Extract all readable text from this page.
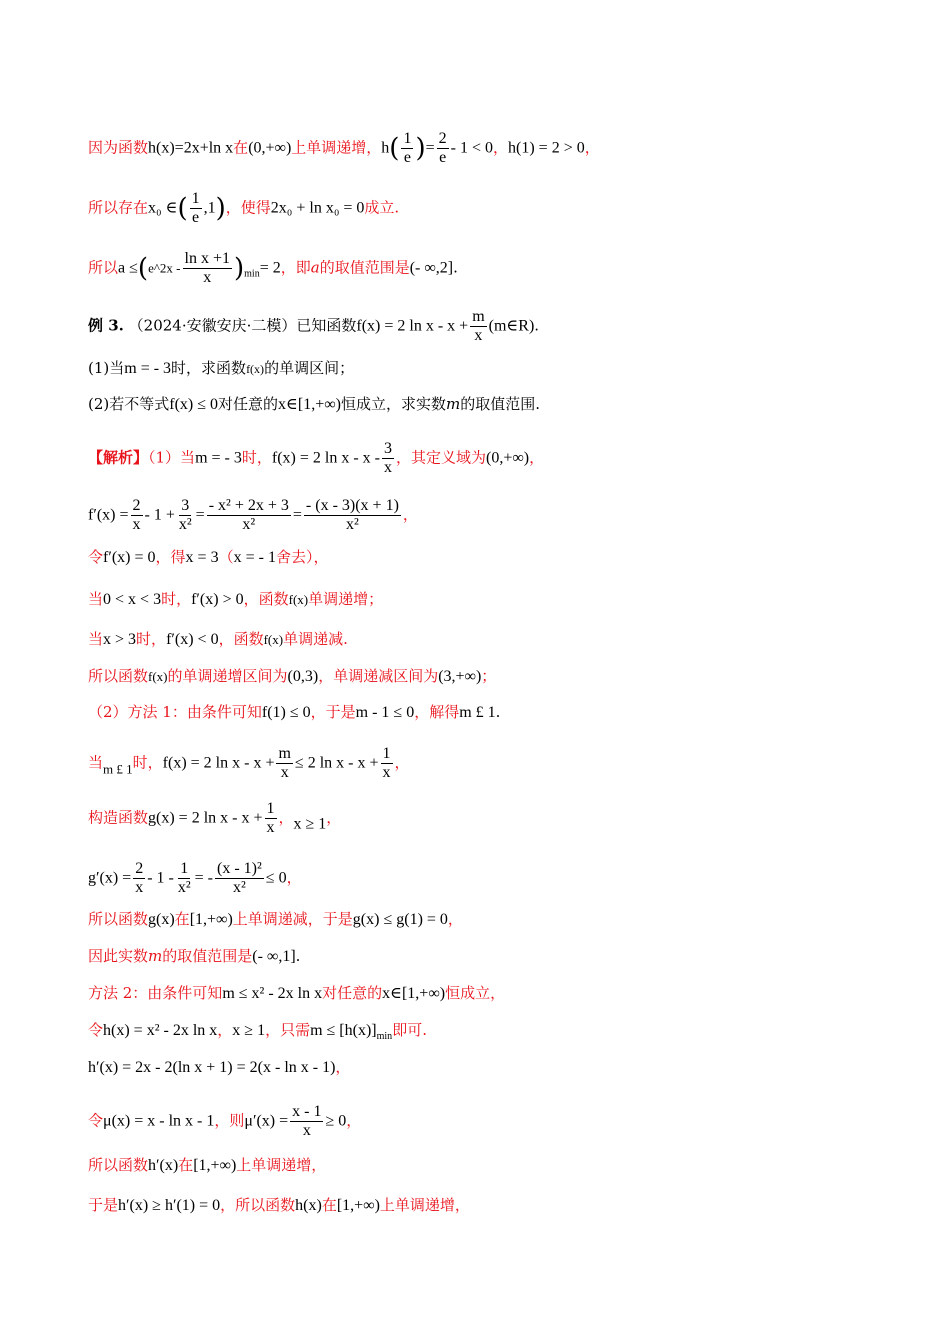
因为函数h(x)=2x+ln x在(0,+∞)上单调递增，$h( \frac{1}{e}$ )= $\frac{2}{e} - 1 < 0$，h(1) = 2 > 0，
所以存在x₀ ∈( $\frac{1}{e} ,1$)，使得2x₀ + ln x₀ = 0成立.
所以a ≤(e^2x - $\frac{\text{ln x +1}}{x} )_{min}= 2$，即a的取值范围是(- ∞,2].
例 3. （2024·安徽安庆·二模）已知函数f(x) = 2 $\ln x - x + \frac{m}{x}$ (m∈R).
(1)当m = - 3时，求函数f(x)的单调区间；
(2)若不等式f(x) ≤ 0对任意的x∈[1,+∞)恒成立，求实数m的取值范围.
【解析】（1）当m = - 3时，f(x) = 2 ln x - x - $\frac{3}{x}$ ，其定义域为(0,+∞)，
$f'(x) = \frac{2}{x} - 1 + \frac{3}{\text{x²}} = \frac{\text{- x² + 2x + 3}}{\text{x²}} = \frac{- (x - 3)(x + 1)}{\text{x²}}$ ，
令f′(x) = 0，得x = 3（x = - 1舍去），
当0 < x < 3时，f′(x) > 0，函数f(x)单调递增；
当x > 3时，f′(x) < 0，函数f(x)单调递减.
所以函数f(x)的单调递增区间为(0,3)，单调递减区间为(3,+∞)；
（2）方法 1：由条件可知f(1) ≤ 0，于是m - 1 ≤ 0，解得m £ 1.
当m £ 1时，f(x) = 2 $\ln x - x + \frac{m}{x} \le 2$ $\ln x - x + \frac{1}{x}$ ，
构造函数g(x) = 2 $\ln x - x + \frac{1}{x}$ ，x ≥ 1，
$g'(x) = \frac{2}{x} - 1 - \frac{1}{\text{x²}}$ = - $\frac{\text{(x - 1)²}}{\text{x²}} \le 0$，
所以函数g(x)在[1,+∞)上单调递减，于是g(x) ≤ g(1) = 0，
因此实数m的取值范围是(- ∞,1].
方法 2：由条件可知m ≤ x² - 2x ln x对任意的x∈[1,+∞)恒成立，
令h(x) = x² - 2x ln x，x ≥ 1，只需$m \le [h(x)]_{min}$即可.
h′(x) = 2x - 2(ln x + 1) = 2(x - ln x - 1)，
令μ(x) = x - ln x - 1，则$\mu'(x) = \frac{x - 1}{x} \ge 0$，
所以函数h′(x)在[1,+∞)上单调递增，
于是h′(x) ≥ h′(1) = 0，所以函数h(x)在[1,+∞)上单调递增，
